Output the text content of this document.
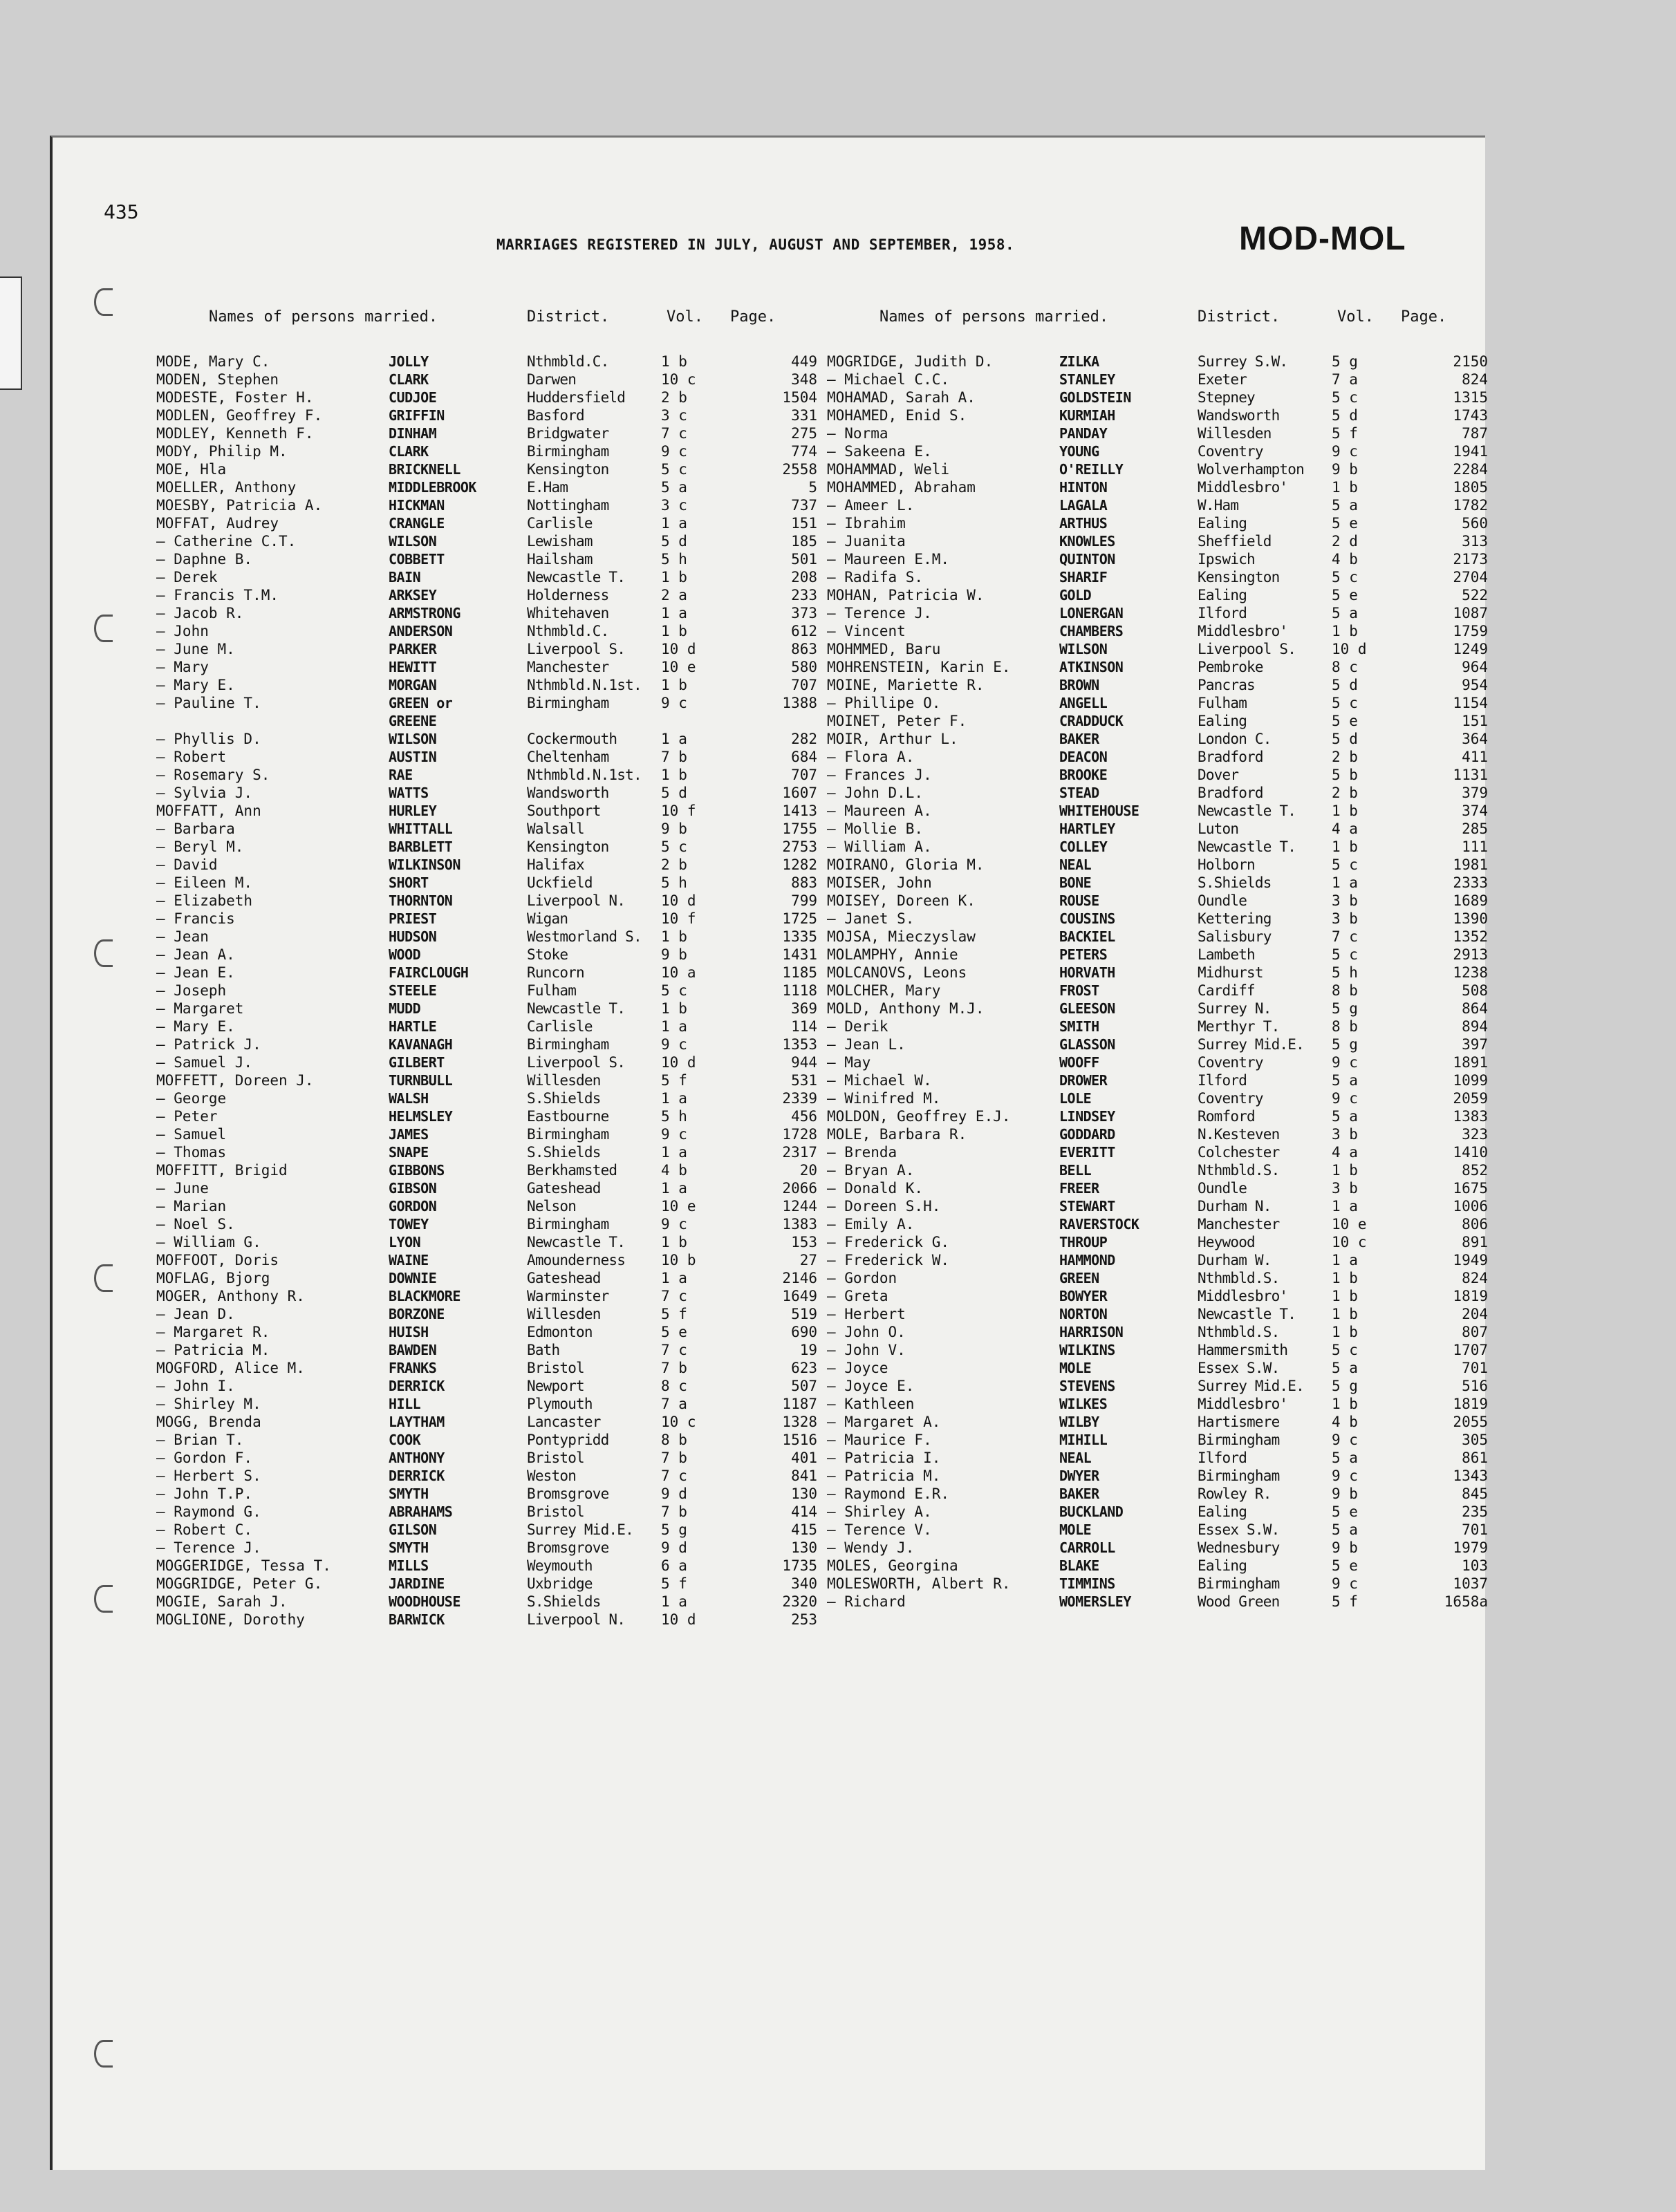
435
MARRIAGES REGISTERED IN JULY, AUGUST AND SEPTEMBER, 1958.	MOD-MOL
Names of persons married.	District.	Vol. Page.
MODE, Mary C.	JOLLY	Nthmbld.C.	1 b	449
MODEN, Stephen	CLARK	Darwen	10 c	348
MODESTE, Foster H.	CUDJOE	Huddersfield 2 b	1504
MODLEN, Geoffrey F.	GRIFFIN	Basford	3 c	331
MODLEY, Kenneth F.	DINHAM	Bridgwater	7 c	275
MODY, Philip M.	CLARK	Birmingham	9 c	774
MOE, Hla	BRICKNELL	Kensington	5 c	2558
MOELLER, Anthony	MIDDLEBROOK	E.Ham	5 a	5
MOESBY, Patricia A.	HICKMAN	Nottingham	3 c	737
MOFFAT, Audrey	CRANGLE	Carlisle	1 a	151
— Catherine C.T.	WILSON	Lewisham	5 d	185
— Daphne B.	COBBETT	Hailsham	5 h	501
— Derek	BAIN	Newcastle T. 1 b	208
— Francis T.M.	ARKSEY	Holderness	2 a	233
— Jacob R.	ARMSTRONG	Whitehaven	1 a	373
— John	ANDERSON	Nthmbld.C.	1 b	612
— June M.	PARKER	Liverpool S. 10 d	863
— Mary	HEWITT	Manchester	10 e	580
— Mary E.	MORGAN	Nthmbld.N.1st. 1 b	707
— Pauline T.	GREEN or	Birmingham	9 c	1388
GREENE
— Phyllis D.	WILSON	Cockermouth	1 a	282
— Robert	AUSTIN	Cheltenham	7 b	684
— Rosemary S.	RAE	Nthmbld.N.1st. 1 b	707
— Sylvia J.	WATTS	Wandsworth	5 d	1607
MOFFATT, Ann	HURLEY	Southport	10 f	1413
— Barbara	WHITTALL	Walsall	9 b	1755
— Beryl M.	BARBLETT	Kensington	5 c	2753
— David	WILKINSON	Halifax	2 b	1282
— Eileen M.	SHORT	Uckfield	5 h	883
— Elizabeth	THORNTON	Liverpool N. 10 d	799
— Francis	PRIEST	Wigan	10 f	1725
— Jean	HUDSON	Westmorland S. 1 b	1335
— Jean A.	WOOD	Stoke	9 b	1431
— Jean E.	FAIRCLOUGH	Runcorn	10 a	1185
— Joseph	STEELE	Fulham	5 c	1118
— Margaret	MUDD	Newcastle T. 1 b	369
— Mary E.	HARTLE	Carlisle	1 a	114
— Patrick J.	KAVANAGH	Birmingham	9 c	1353
— Samuel J.	GILBERT	Liverpool S. 10 d	944
MOFFETT, Doreen J.	TURNBULL	Willesden	5 f	531
— George	WALSH	S.Shields	1 a	2339
— Peter	HELMSLEY	Eastbourne	5 h	456
— Samuel	JAMES	Birmingham	9 c	1728
— Thomas	SNAPE	S.Shields	1 a	2317
MOFFITT, Brigid	GIBBONS	Berkhamsted	4 b	20
— June	GIBSON	Gateshead	1 a	2066
— Marian	GORDON	Nelson	10 e	1244
— Noel S.	TOWEY	Birmingham	9 c	1383
— William G.	LYON	Newcastle T. 1 b	153
MOFFOOT, Doris	WAINE	Amounderness 10 b	27
MOFLAG, Bjorg	DOWNIE	Gateshead	1 a	2146
MOGER, Anthony R.	BLACKMORE	Warminster	7 c	1649
— Jean D.	BORZONE	Willesden	5 f	519
— Margaret R.	HUISH	Edmonton	5 e	690
— Patricia M.	BAWDEN	Bath	7 c	19
MOGFORD, Alice M.	FRANKS	Bristol	7 b	623
— John I.	DERRICK	Newport	8 c	507
— Shirley M.	HILL	Plymouth	7 a	1187
MOGG, Brenda	LAYTHAM	Lancaster	10 c	1328
— Brian T.	COOK	Pontypridd	8 b	1516
— Gordon F.	ANTHONY	Bristol	7 b	401
— Herbert S.	DERRICK	Weston	7 c	841
— John T.P.	SMYTH	Bromsgrove	9 d	130
— Raymond G.	ABRAHAMS	Bristol	7 b	414
— Robert C.	GILSON	Surrey Mid.E. 5 g	415
— Terence J.	SMYTH	Bromsgrove	9 d	130
MOGGERIDGE, Tessa T.	MILLS	Weymouth	6 a	1735
MOGGRIDGE, Peter G.	JARDINE	Uxbridge	5 f	340
MOGIE, Sarah J.	WOODHOUSE	S.Shields	1 a	2320
MOGLIONE, Dorothy	BARWICK	Liverpool N. 10 d	253
Names of persons married.	District.	Vol. Page.
MOGRIDGE, Judith D.	ZILKA	Surrey S.W.	5 g	2150
— Michael C.C.	STANLEY	Exeter	7 a	824
MOHAMAD, Sarah A.	GOLDSTEIN	Stepney	5 c	1315
MOHAMED, Enid S.	KURMIAH	Wandsworth	5 d	1743
— Norma	PANDAY	Willesden	5 f	787
— Sakeena E.	YOUNG	Coventry	9 c	1941
MOHAMMAD, Weli	O'REILLY	Wolverhampton 9 b	2284
MOHAMMED, Abraham	HINTON	Middlesbro'	1 b	1805
— Ameer L.	LAGALA	W.Ham	5 a	1782
— Ibrahim	ARTHUS	Ealing	5 e	560
— Juanita	KNOWLES	Sheffield	2 d	313
— Maureen E.M.	QUINTON	Ipswich	4 b	2173
— Radifa S.	SHARIF	Kensington	5 c	2704
MOHAN, Patricia W.	GOLD	Ealing	5 e	522
— Terence J.	LONERGAN	Ilford	5 a	1087
— Vincent	CHAMBERS	Middlesbro'	1 b	1759
MOHMMED, Baru	WILSON	Liverpool S. 10 d	1249
MOHRENSTEIN, Karin E.	ATKINSON	Pembroke	8 c	964
MOINE, Mariette R.	BROWN	Pancras	5 d	954
— Phillipe O.	ANGELL	Fulham	5 c	1154
MOINET, Peter F.	CRADDUCK	Ealing	5 e	151
MOIR, Arthur L.	BAKER	London C.	5 d	364
— Flora A.	DEACON	Bradford	2 b	411
— Frances J.	BROOKE	Dover	5 b	1131
— John D.L.	STEAD	Bradford	2 b	379
— Maureen A.	WHITEHOUSE	Newcastle T. 1 b	374
— Mollie B.	HARTLEY	Luton	4 a	285
— William A.	COLLEY	Newcastle T. 1 b	111
MOIRANO, Gloria M.	NEAL	Holborn	5 c	1981
MOISER, John	BONE	S.Shields	1 a	2333
MOISEY, Doreen K.	ROUSE	Oundle	3 b	1689
— Janet S.	COUSINS	Kettering	3 b	1390
MOJSA, Mieczyslaw	BACKIEL	Salisbury	7 c	1352
MOLAMPHY, Annie	PETERS	Lambeth	5 c	2913
MOLCANOVS, Leons	HORVATH	Midhurst	5 h	1238
MOLCHER, Mary	FROST	Cardiff	8 b	508
MOLD, Anthony M.J.	GLEESON	Surrey N.	5 g	864
— Derik	SMITH	Merthyr T.	8 b	894
— Jean L.	GLASSON	Surrey Mid.E. 5 g	397
— May	WOOFF	Coventry	9 c	1891
— Michael W.	DROWER	Ilford	5 a	1099
— Winifred M.	LOLE	Coventry	9 c	2059
MOLDON, Geoffrey E.J.	LINDSEY	Romford	5 a	1383
MOLE, Barbara R.	GODDARD	N.Kesteven	3 b	323
— Brenda	EVERITT	Colchester	4 a	1410
— Bryan A.	BELL	Nthmbld.S.	1 b	852
— Donald K.	FREER	Oundle	3 b	1675
— Doreen S.H.	STEWART	Durham N.	1 a	1006
— Emily A.	RAVERSTOCK	Manchester	10 e	806
— Frederick G.	THROUP	Heywood	10 c	891
— Frederick W.	HAMMOND	Durham W.	1 a	1949
— Gordon	GREEN	Nthmbld.S.	1 b	824
— Greta	BOWYER	Middlesbro'	1 b	1819
— Herbert	NORTON	Newcastle T. 1 b	204
— John O.	HARRISON	Nthmbld.S.	1 b	807
— John V.	WILKINS	Hammersmith	5 c	1707
— Joyce	MOLE	Essex S.W.	5 a	701
— Joyce E.	STEVENS	Surrey Mid.E. 5 g	516
— Kathleen	WILKES	Middlesbro'	1 b	1819
— Margaret A.	WILBY	Hartismere	4 b	2055
— Maurice F.	MIHILL	Birmingham	9 c	305
— Patricia I.	NEAL	Ilford	5 a	861
— Patricia M.	DWYER	Birmingham	9 c	1343
— Raymond E.R.	BAKER	Rowley R.	9 b	845
— Shirley A.	BUCKLAND	Ealing	5 e	235
— Terence V.	MOLE	Essex S.W.	5 a	701
— Wendy J.	CARROLL	Wednesbury	9 b	1979
MOLES, Georgina	BLAKE	Ealing	5 e	103
MOLESWORTH, Albert R.	TIMMINS	Birmingham	9 c	1037
— Richard	WOMERSLEY	Wood Green	5 f	1658a
